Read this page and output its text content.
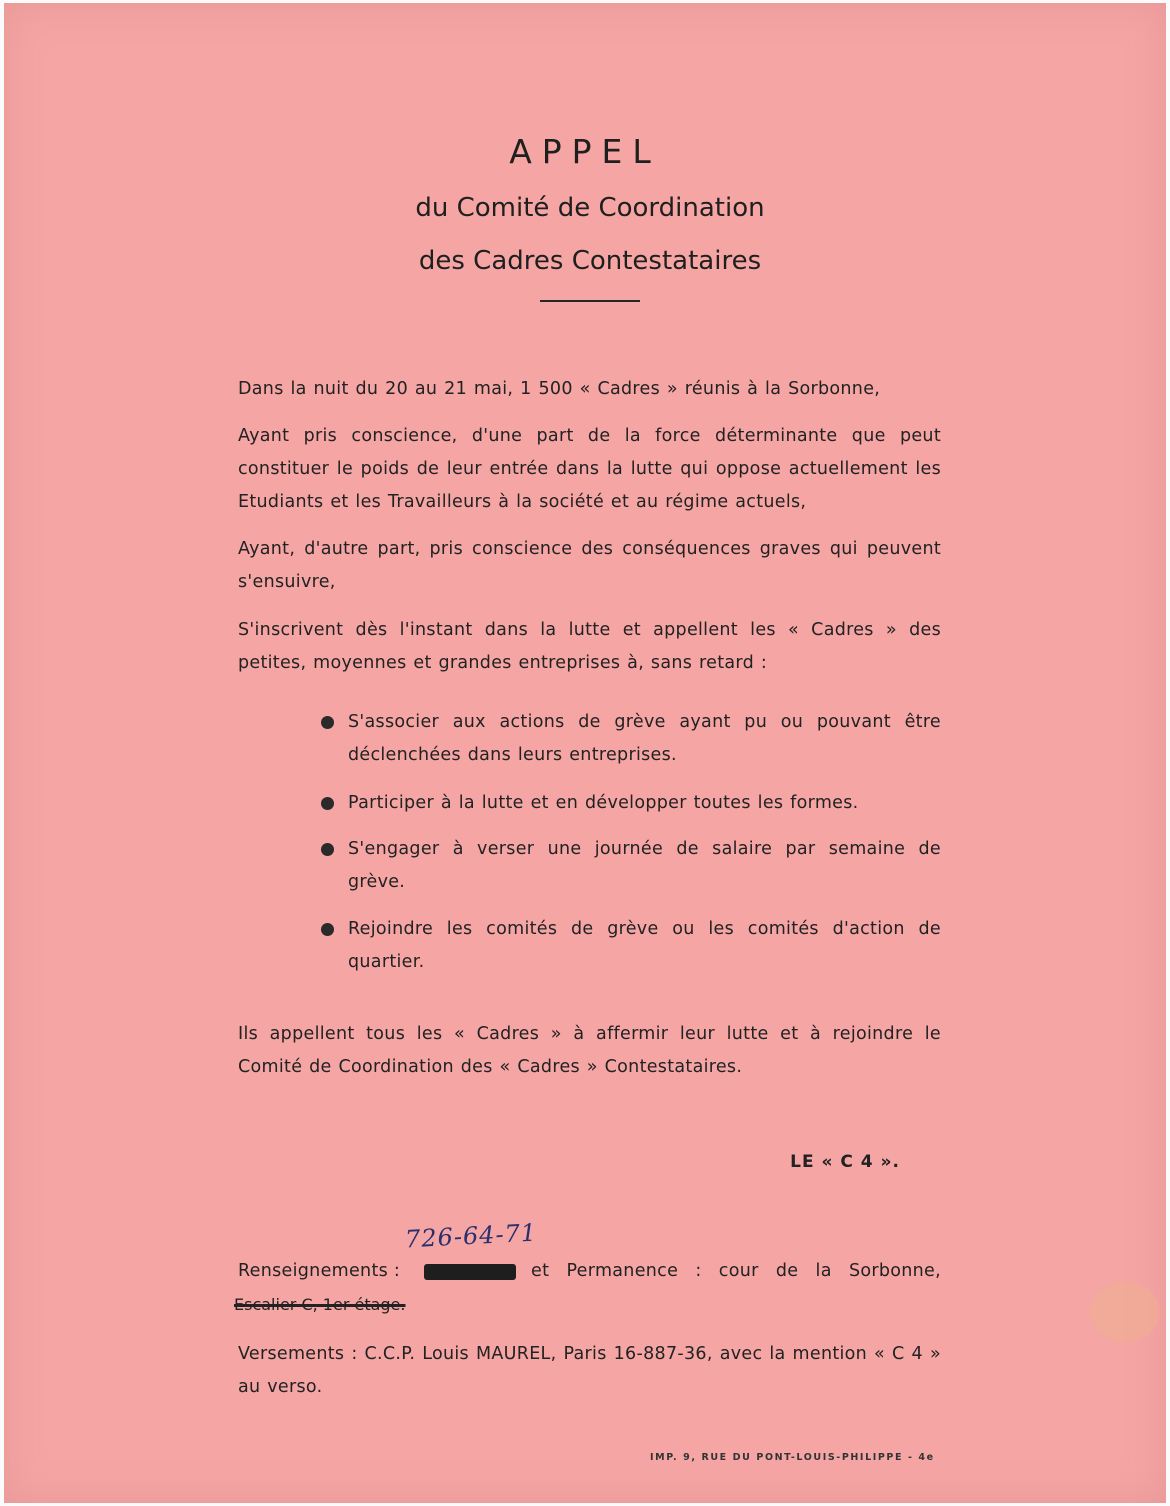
APPEL
du Comité de Coordination
des Cadres Contestataires
Dans la nuit du 20 au 21 mai, 1 500 « Cadres » réunis à la Sorbonne,
Ayant pris conscience, d'une part de la force déterminante que peut constituer le poids de leur entrée dans la lutte qui oppose actuellement les Etudiants et les Travailleurs à la société et au régime actuels,
Ayant, d'autre part, pris conscience des conséquences graves qui peuvent s'ensuivre,
S'inscrivent dès l'instant dans la lutte et appellent les « Cadres » des petites, moyennes et grandes entreprises à, sans retard :
S'associer aux actions de grève ayant pu ou pouvant être déclenchées dans leurs entreprises.
Participer à la lutte et en développer toutes les formes.
S'engager à verser une journée de salaire par semaine de grève.
Rejoindre les comités de grève ou les comités d'action de quartier.
Ils appellent tous les « Cadres » à affermir leur lutte et à rejoindre le Comité de Coordination des « Cadres » Contestataires.
LE « C 4 ».
726-64-71
Renseignements :	et Permanence : cour de la Sorbonne,
Escalier C, 1er étage.
Versements : C.C.P. Louis MAUREL, Paris 16-887-36, avec la mention « C 4 » au verso.
IMP. 9, RUE DU PONT-LOUIS-PHILIPPE - 4e
